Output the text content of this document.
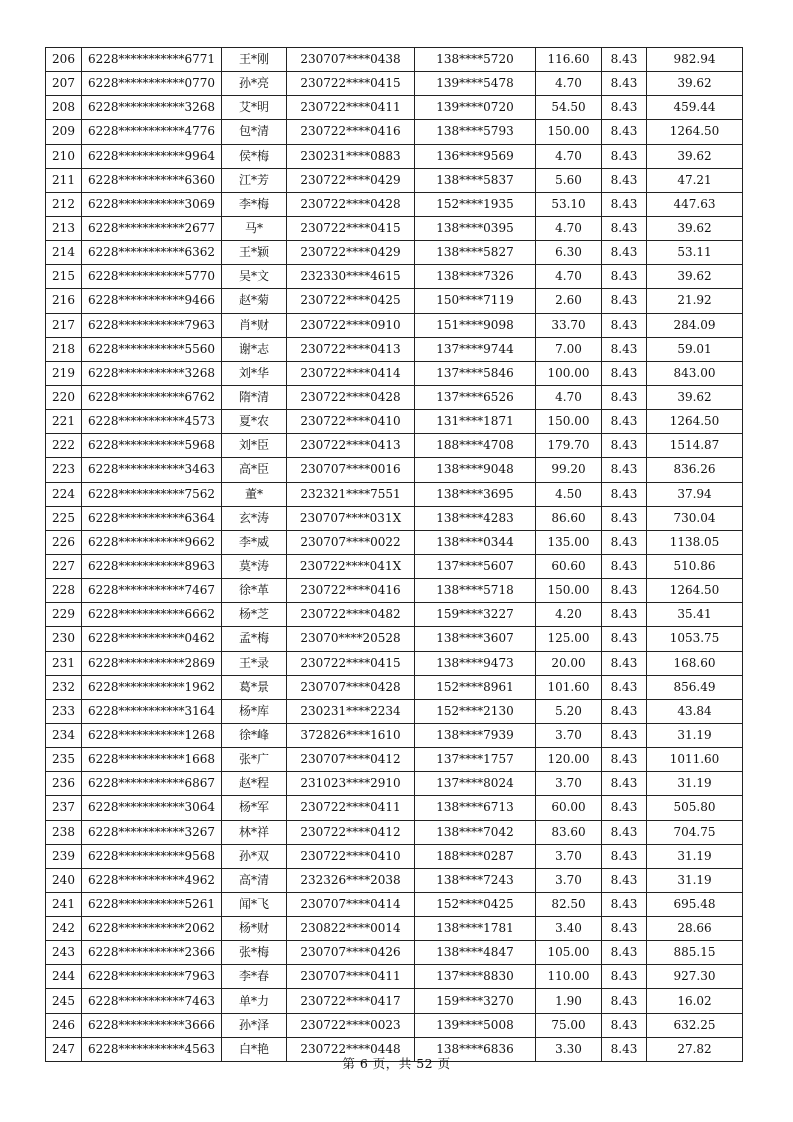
206	6228***********6771	王*刚	230707****0438	138****5720	116.60	8.43	982.94
207	6228***********0770	孙*亮	230722****0415	139****5478	4.70	8.43	39.62
208	6228***********3268	艾*明	230722****0411	139****0720	54.50	8.43	459.44
209	6228***********4776	包*清	230722****0416	138****5793	150.00	8.43	1264.50
210	6228***********9964	侯*梅	230231****0883	136****9569	4.70	8.43	39.62
211	6228***********6360	江*芳	230722****0429	138****5837	5.60	8.43	47.21
212	6228***********3069	李*梅	230722****0428	152****1935	53.10	8.43	447.63
213	6228***********2677	马*	230722****0415	138****0395	4.70	8.43	39.62
214	6228***********6362	王*颖	230722****0429	138****5827	6.30	8.43	53.11
215	6228***********5770	吴*文	232330****4615	138****7326	4.70	8.43	39.62
216	6228***********9466	赵*菊	230722****0425	150****7119	2.60	8.43	21.92
217	6228***********7963	肖*财	230722****0910	151****9098	33.70	8.43	284.09
218	6228***********5560	谢*志	230722****0413	137****9744	7.00	8.43	59.01
219	6228***********3268	刘*华	230722****0414	137****5846	100.00	8.43	843.00
220	6228***********6762	隋*清	230722****0428	137****6526	4.70	8.43	39.62
221	6228***********4573	夏*农	230722****0410	131****1871	150.00	8.43	1264.50
222	6228***********5968	刘*臣	230722****0413	188****4708	179.70	8.43	1514.87
223	6228***********3463	高*臣	230707****0016	138****9048	99.20	8.43	836.26
224	6228***********7562	董*	232321****7551	138****3695	4.50	8.43	37.94
225	6228***********6364	玄*涛	230707****031X	138****4283	86.60	8.43	730.04
226	6228***********9662	李*威	230707****0022	138****0344	135.00	8.43	1138.05
227	6228***********8963	莫*涛	230722****041X	137****5607	60.60	8.43	510.86
228	6228***********7467	徐*革	230722****0416	138****5718	150.00	8.43	1264.50
229	6228***********6662	杨*芝	230722****0482	159****3227	4.20	8.43	35.41
230	6228***********0462	孟*梅	23070****20528	138****3607	125.00	8.43	1053.75
231	6228***********2869	王*录	230722****0415	138****9473	20.00	8.43	168.60
232	6228***********1962	葛*景	230707****0428	152****8961	101.60	8.43	856.49
233	6228***********3164	杨*库	230231****2234	152****2130	5.20	8.43	43.84
234	6228***********1268	徐*峰	372826****1610	138****7939	3.70	8.43	31.19
235	6228***********1668	张*广	230707****0412	137****1757	120.00	8.43	1011.60
236	6228***********6867	赵*程	231023****2910	137****8024	3.70	8.43	31.19
237	6228***********3064	杨*军	230722****0411	138****6713	60.00	8.43	505.80
238	6228***********3267	林*祥	230722****0412	138****7042	83.60	8.43	704.75
239	6228***********9568	孙*双	230722****0410	188****0287	3.70	8.43	31.19
240	6228***********4962	高*清	232326****2038	138****7243	3.70	8.43	31.19
241	6228***********5261	闻*飞	230707****0414	152****0425	82.50	8.43	695.48
242	6228***********2062	杨*财	230822****0014	138****1781	3.40	8.43	28.66
243	6228***********2366	张*梅	230707****0426	138****4847	105.00	8.43	885.15
244	6228***********7963	李*春	230707****0411	137****8830	110.00	8.43	927.30
245	6228***********7463	单*力	230722****0417	159****3270	1.90	8.43	16.02
246	6228***********3666	孙*泽	230722****0023	139****5008	75.00	8.43	632.25
247	6228***********4563	白*艳	230722****0448	138****6836	3.30	8.43	27.82
第 6 页，共 52 页
